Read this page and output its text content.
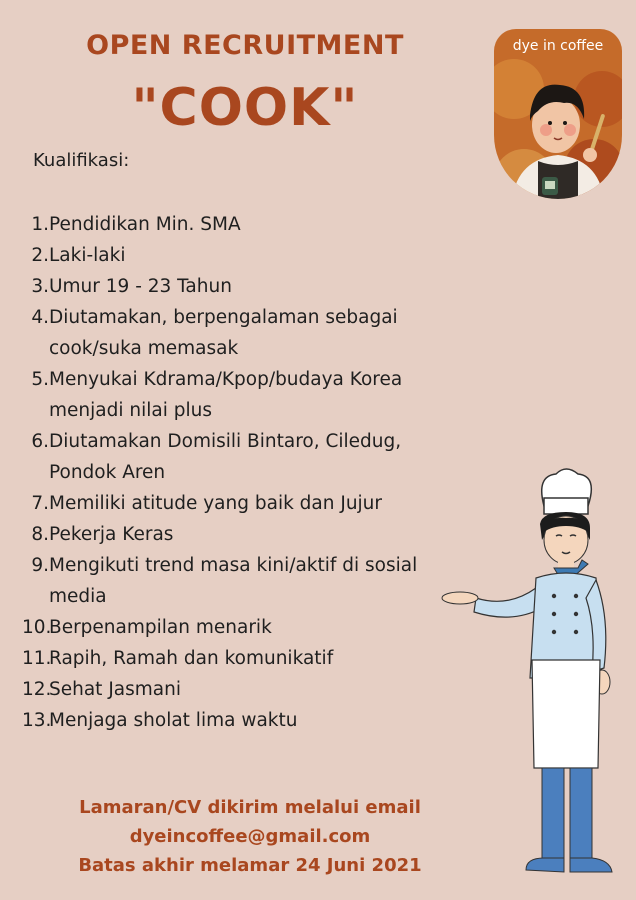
OPEN RECRUITMENT
"COOK"
dye in coffee
Kualifikasi:
1. Pendidikan Min. SMA
2. Laki-laki
3. Umur 19 - 23 Tahun
4. Diutamakan, berpengalaman sebagai cook/suka memasak
5. Menyukai Kdrama/Kpop/budaya Korea menjadi nilai plus
6. Diutamakan Domisili Bintaro, Ciledug, Pondok Aren
7. Memiliki atitude yang baik dan Jujur
8. Pekerja Keras
9. Mengikuti trend masa kini/aktif di sosial media
10.
Berpenampilan menarik
11.
Rapih, Ramah dan komunikatif
12.
Sehat Jasmani
13.
Menjaga sholat lima waktu
Lamaran/CV dikirim melalui email
dyeincoffee@gmail.com
Batas akhir melamar 24 Juni 2021
